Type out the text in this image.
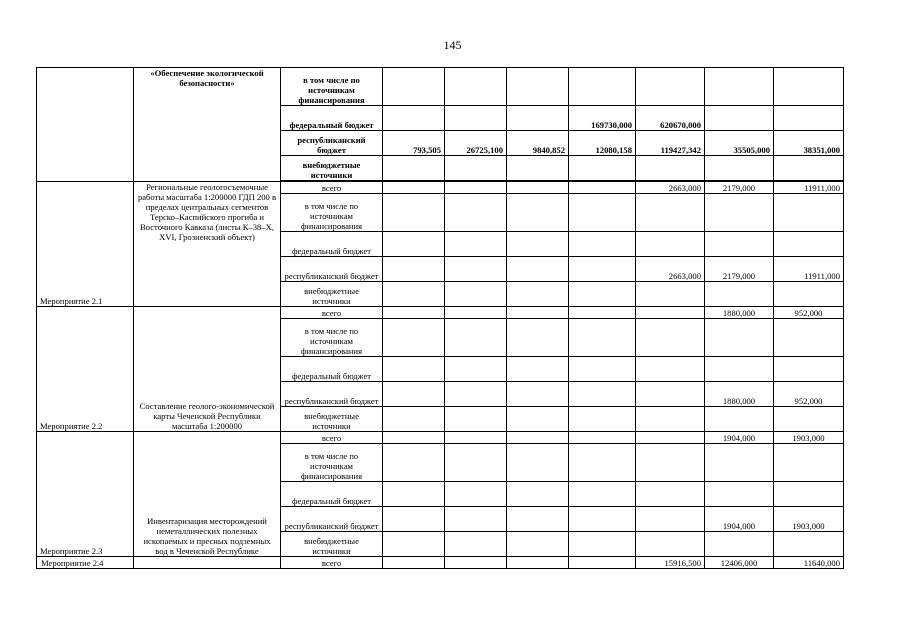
145
	«Обеспечение экологической безопасности»	в том числе по источникам финансирования							
		федеральный бюджет				169730,000	620670,000		
		республиканский бюджет	793,505	26725,100	9840,852	12080,158	119427,342	35505,000	38351,000
		внебюджетные источники							

Мероприятие 2.1	Региональные геологосъемочные работы масштаба 1:200000 ГДП 200 в пределах центральных сегментов Терско–Каспийского прогиба и Восточного Кавказа (листы К–38–X, XVI, Грозненский объект)	всего					2663,000	2179,000	11911,000
		в том числе по источникам финансирования							
		федеральный бюджет							
		республиканский бюджет					2663,000	2179,000	11911,000
		внебюджетные источники							
Мероприятие 2.2	Составление геолого-экономической карты Чеченской Республики масштаба 1:200000	всего						1880,000	952,000
		в том числе по источникам финансирования							
		федеральный бюджет							
		республиканский бюджет						1880,000	952,000
		внебюджетные источники							
Мероприятие 2.3	Инвентаризация месторождений неметаллических полезных ископаемых и пресных подземных вод в Чеченской Республике	всего						1904,000	1903,000
		в том числе по источникам финансирования							
		федеральный бюджет							
		республиканский бюджет						1904,000	1903,000
		внебюджетные источники							
Мероприятие 2.4		всего					15916,500	12406,000	11640,000
